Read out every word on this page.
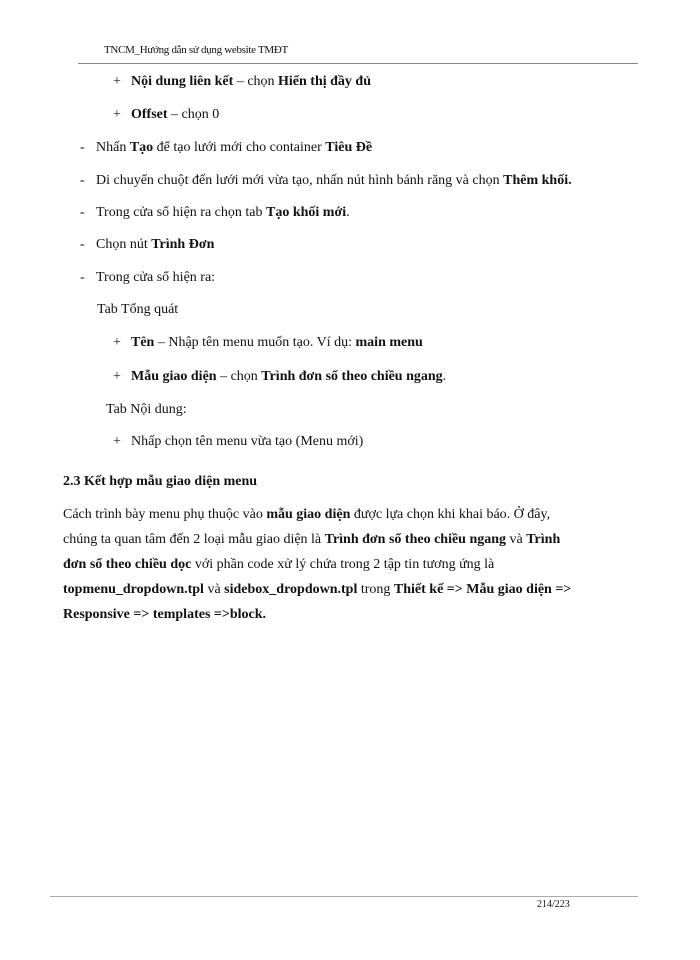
TNCM_Hướng dẫn sử dụng website TMĐT
+ Nội dung liên kết – chọn Hiển thị đầy đủ
+ Offset – chọn 0
- Nhấn Tạo để tạo lưới mới cho container Tiêu Đề
- Di chuyển chuột đến lưới mới vừa tạo, nhấn nút hình bánh răng và chọn Thêm khối.
- Trong cửa sổ hiện ra chọn tab Tạo khối mới.
- Chọn nút Trình Đơn
- Trong cửa sổ hiện ra:
Tab Tổng quát
+ Tên – Nhập tên menu muốn tạo. Ví dụ: main menu
+ Mẫu giao diện – chọn Trình đơn sổ theo chiều ngang.
Tab Nội dung:
+ Nhấp chọn tên menu vừa tạo (Menu mới)
2.3 Kết hợp mẫu giao diện menu
Cách trình bày menu phụ thuộc vào mẫu giao diện được lựa chọn khi khai báo. Ở đây,
chúng ta quan tâm đến 2 loại mẫu giao diện là Trình đơn sổ theo chiều ngang và Trình
đơn sổ theo chiều dọc với phần code xử lý chứa trong 2 tập tin tương ứng là
topmenu_dropdown.tpl và sidebox_dropdown.tpl trong Thiết kế => Mẫu giao diện =>
Responsive => templates =>block.
214/223
